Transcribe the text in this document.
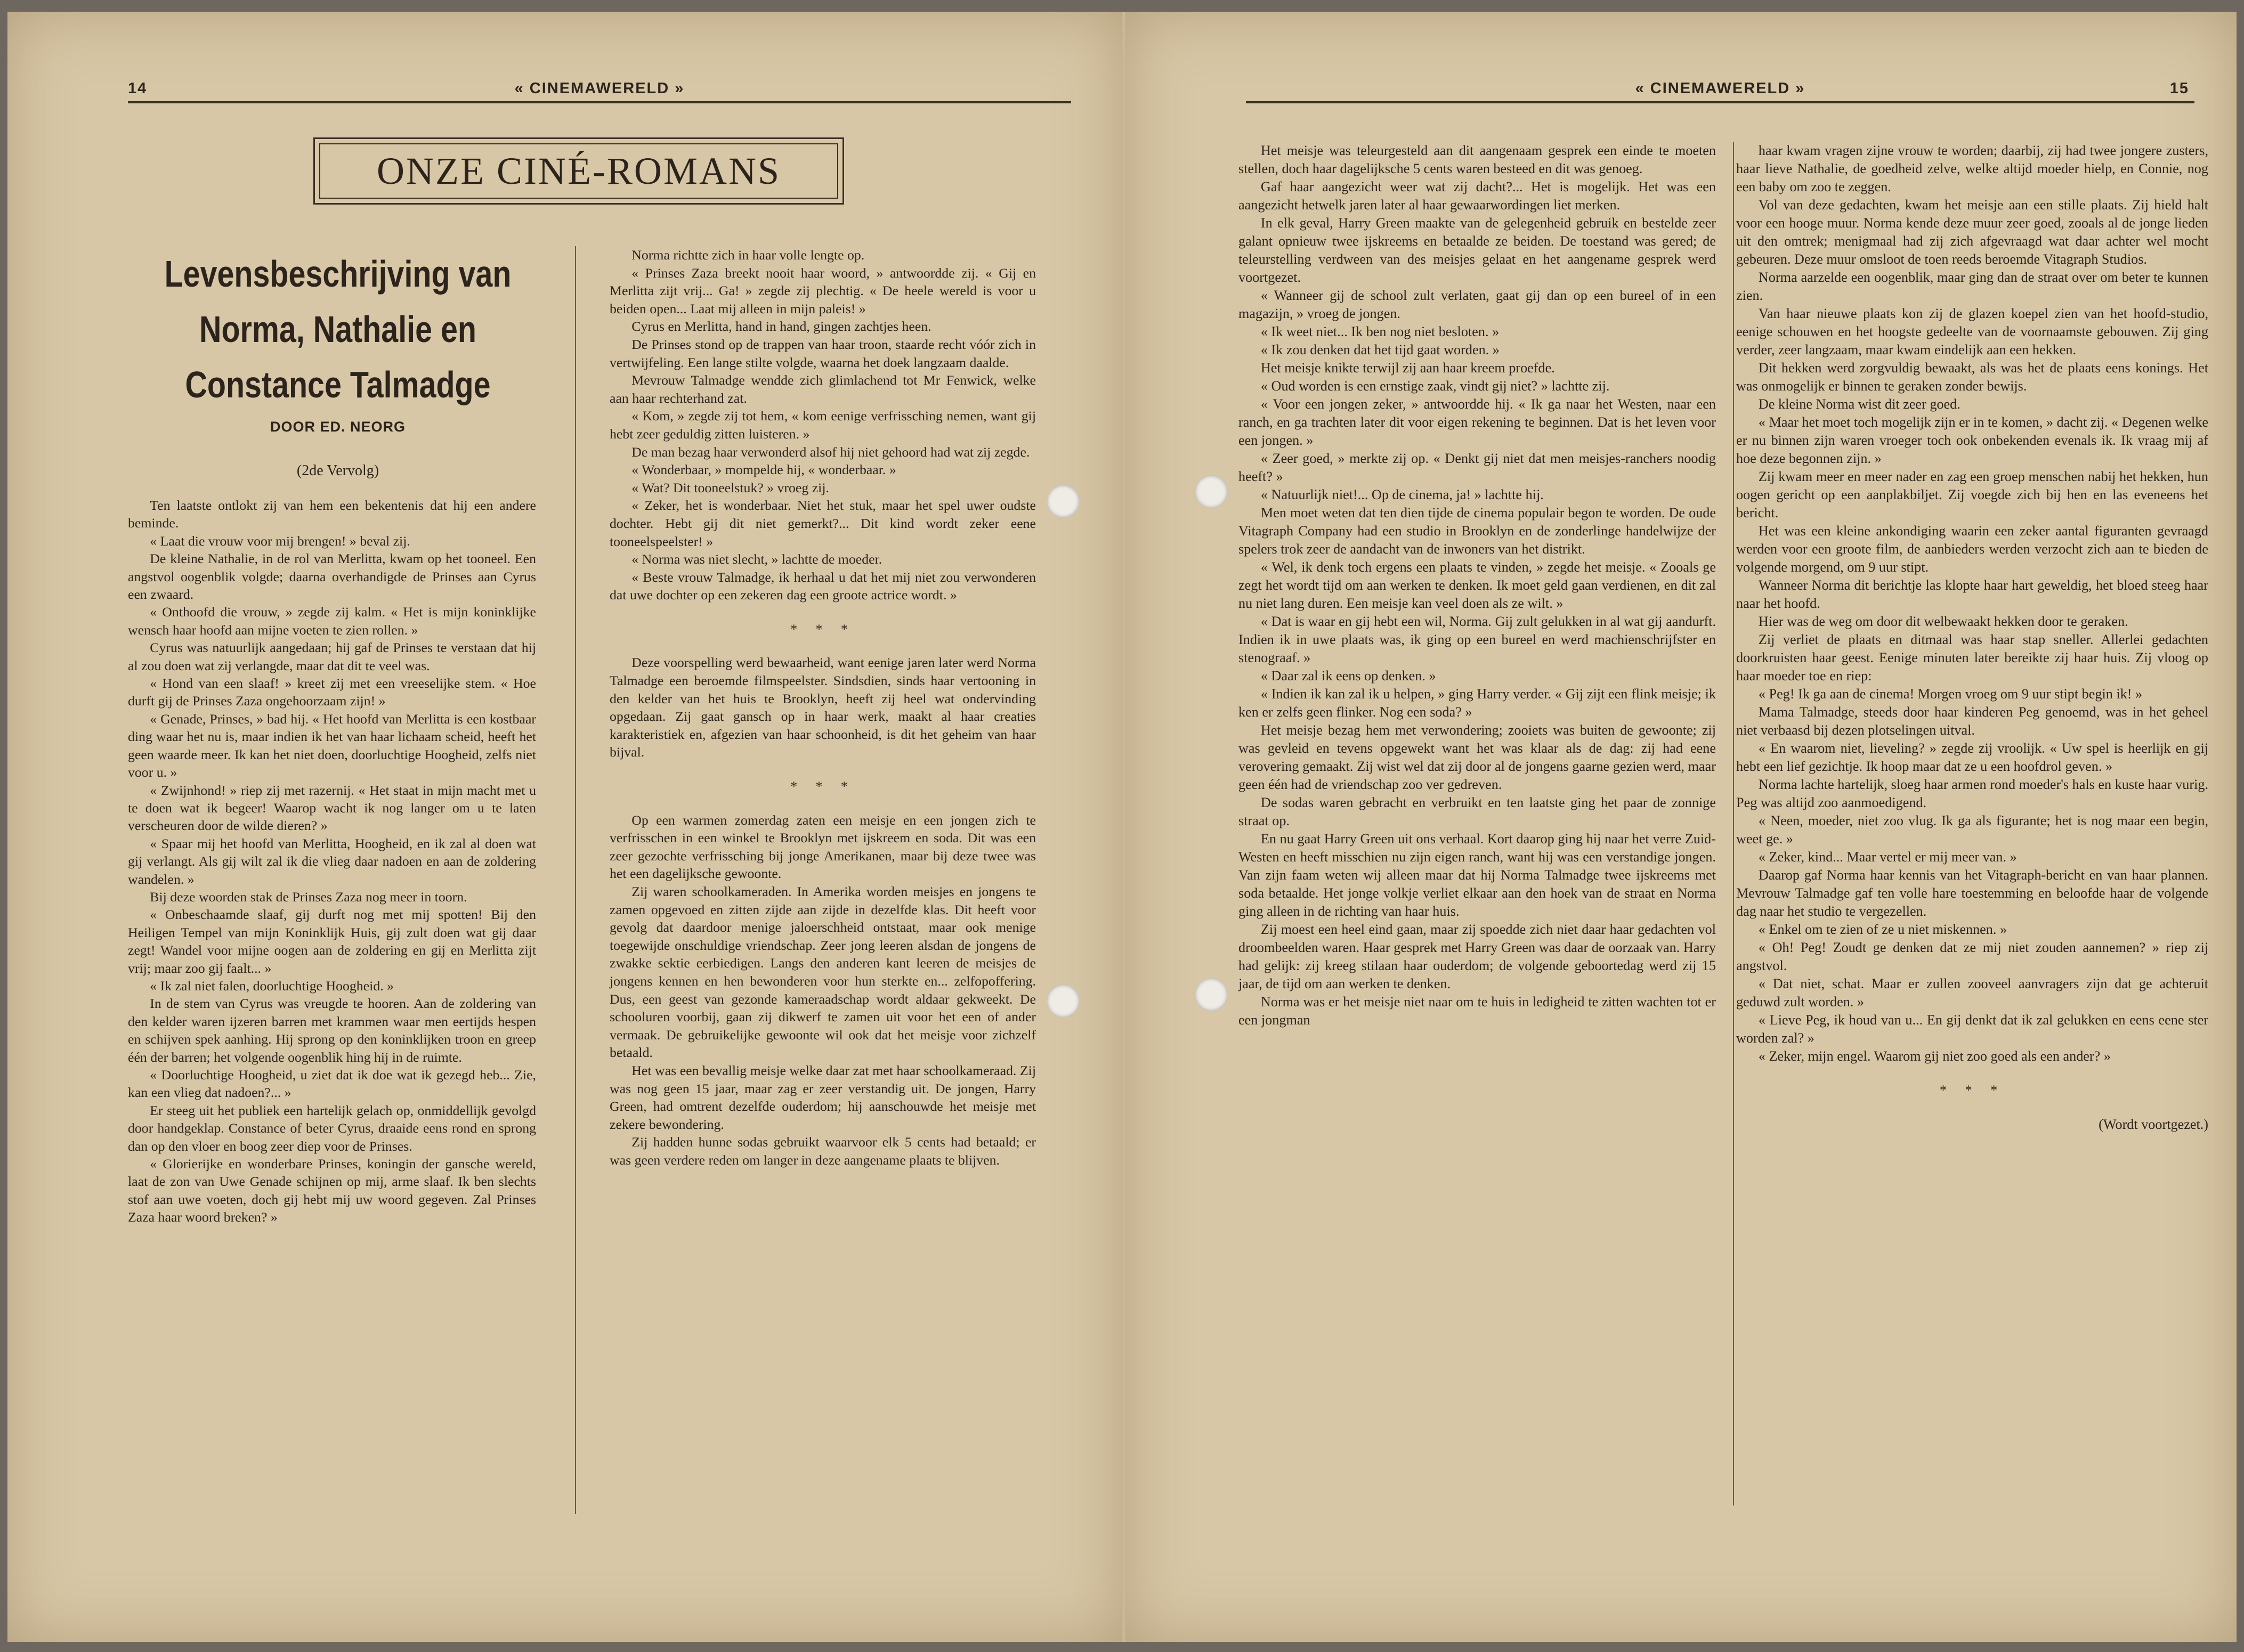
14	« CINEMAWERELD »
ONZE CINÉ-ROMANS
Levensbeschrijving van
Norma, Nathalie en
Constance Talmadge
DOOR ED. NEORG
(2de Vervolg)

Ten laatste ontlokt zij van hem een bekentenis dat hij een andere beminde.

« Laat die vrouw voor mij brengen! » beval zij.

De kleine Nathalie, in de rol van Merlitta, kwam op het tooneel. Een angstvol oogenblik volgde; daarna overhandigde de Prinses aan Cyrus een zwaard.

« Onthoofd die vrouw, » zegde zij kalm. « Het is mijn koninklijke wensch haar hoofd aan mijne voeten te zien rollen. »

Cyrus was natuurlijk aangedaan; hij gaf de Prinses te verstaan dat hij al zou doen wat zij verlangde, maar dat dit te veel was.

« Hond van een slaaf! » kreet zij met een vreeselijke stem. « Hoe durft gij de Prinses Zaza ongehoorzaam zijn! »

« Genade, Prinses, » bad hij. « Het hoofd van Merlitta is een kostbaar ding waar het nu is, maar indien ik het van haar lichaam scheid, heeft het geen waarde meer. Ik kan het niet doen, doorluchtige Hoogheid, zelfs niet voor u. »

« Zwijnhond! » riep zij met razernij. « Het staat in mijn macht met u te doen wat ik begeer! Waarop wacht ik nog langer om u te laten verscheuren door de wilde dieren? »

« Spaar mij het hoofd van Merlitta, Hoogheid, en ik zal al doen wat gij verlangt. Als gij wilt zal ik die vlieg daar nadoen en aan de zoldering wandelen. »

Bij deze woorden stak de Prinses Zaza nog meer in toorn.

« Onbeschaamde slaaf, gij durft nog met mij spotten! Bij den Heiligen Tempel van mijn Koninklijk Huis, gij zult doen wat gij daar zegt! Wandel voor mijne oogen aan de zoldering en gij en Merlitta zijt vrij; maar zoo gij faalt... »

« Ik zal niet falen, doorluchtige Hoogheid. »

In de stem van Cyrus was vreugde te hooren. Aan de zoldering van den kelder waren ijzeren barren met krammen waar men eertijds hespen en schijven spek aanhing. Hij sprong op den koninklijken troon en greep één der barren; het volgende oogenblik hing hij in de ruimte.

« Doorluchtige Hoogheid, u ziet dat ik doe wat ik gezegd heb... Zie, kan een vlieg dat nadoen?... »

Er steeg uit het publiek een hartelijk gelach op, onmiddellijk gevolgd door handgeklap. Constance of beter Cyrus, draaide eens rond en sprong dan op den vloer en boog zeer diep voor de Prinses.

« Glorierijke en wonderbare Prinses, koningin der gansche wereld, laat de zon van Uwe Genade schijnen op mij, arme slaaf. Ik ben slechts stof aan uwe voeten, doch gij hebt mij uw woord gegeven. Zal Prinses Zaza haar woord breken? »

Norma richtte zich in haar volle lengte op.

« Prinses Zaza breekt nooit haar woord, » antwoordde zij. « Gij en Merlitta zijt vrij... Ga! » zegde zij plechtig. « De heele wereld is voor u beiden open... Laat mij alleen in mijn paleis! »

Cyrus en Merlitta, hand in hand, gingen zachtjes heen.

De Prinses stond op de trappen van haar troon, staarde recht vóór zich in vertwijfeling. Een lange stilte volgde, waarna het doek langzaam daalde.

Mevrouw Talmadge wendde zich glimlachend tot Mr Fenwick, welke aan haar rechterhand zat.

« Kom, » zegde zij tot hem, « kom eenige verfrissching nemen, want gij hebt zeer geduldig zitten luisteren. »

De man bezag haar verwonderd alsof hij niet gehoord had wat zij zegde.

« Wonderbaar, » mompelde hij, « wonderbaar. »

« Wat? Dit tooneelstuk? » vroeg zij.

« Zeker, het is wonderbaar. Niet het stuk, maar het spel uwer oudste dochter. Hebt gij dit niet gemerkt?... Dit kind wordt zeker eene tooneelspeelster! »

« Norma was niet slecht, » lachtte de moeder.

« Beste vrouw Talmadge, ik herhaal u dat het mij niet zou verwonderen dat uwe dochter op een zekeren dag een groote actrice wordt. »

* * *

Deze voorspelling werd bewaarheid, want eenige jaren later werd Norma Talmadge een beroemde filmspeelster. Sindsdien, sinds haar vertooning in den kelder van het huis te Brooklyn, heeft zij heel wat ondervinding opgedaan. Zij gaat gansch op in haar werk, maakt al haar creaties karakteristiek en, afgezien van haar schoonheid, is dit het geheim van haar bijval.

* * *

Op een warmen zomerdag zaten een meisje en een jongen zich te verfrisschen in een winkel te Brooklyn met ijskreem en soda. Dit was een zeer gezochte verfrissching bij jonge Amerikanen, maar bij deze twee was het een dagelijksche gewoonte.

Zij waren schoolkameraden. In Amerika worden meisjes en jongens te zamen opgevoed en zitten zijde aan zijde in dezelfde klas. Dit heeft voor gevolg dat daardoor menige jaloerschheid ontstaat, maar ook menige toegewijde onschuldige vriendschap. Zeer jong leeren alsdan de jongens de zwakke sektie eerbiedigen. Langs den anderen kant leeren de meisjes de jongens kennen en hen bewonderen voor hun sterkte en... zelfopoffering. Dus, een geest van gezonde kameraadschap wordt aldaar gekweekt. De schooluren voorbij, gaan zij dikwerf te zamen uit voor het een of ander vermaak. De gebruikelijke gewoonte wil ook dat het meisje voor zichzelf betaald.

Het was een bevallig meisje welke daar zat met haar schoolkameraad. Zij was nog geen 15 jaar, maar zag er zeer verstandig uit. De jongen, Harry Green, had omtrent dezelfde ouderdom; hij aanschouwde het meisje met zekere bewondering.

Zij hadden hunne sodas gebruikt waarvoor elk 5 cents had betaald; er was geen verdere reden om langer in deze aangename plaats te blijven.

« CINEMAWERELD »	15

Het meisje was teleurgesteld aan dit aangenaam gesprek een einde te moeten stellen, doch haar dagelijksche 5 cents waren besteed en dit was genoeg.

Gaf haar aangezicht weer wat zij dacht?... Het is mogelijk. Het was een aangezicht hetwelk jaren later al haar gewaarwordingen liet merken.

In elk geval, Harry Green maakte van de gelegenheid gebruik en bestelde zeer galant opnieuw twee ijskreems en betaalde ze beiden. De toestand was gered; de teleurstelling verdween van des meisjes gelaat en het aangename gesprek werd voortgezet.

« Wanneer gij de school zult verlaten, gaat gij dan op een bureel of in een magazijn, » vroeg de jongen.

« Ik weet niet... Ik ben nog niet besloten. »

« Ik zou denken dat het tijd gaat worden. »

Het meisje knikte terwijl zij aan haar kreem proefde.

« Oud worden is een ernstige zaak, vindt gij niet? » lachtte zij.

« Voor een jongen zeker, » antwoordde hij. « Ik ga naar het Westen, naar een ranch, en ga trachten later dit voor eigen rekening te beginnen. Dat is het leven voor een jongen. »

« Zeer goed, » merkte zij op. « Denkt gij niet dat men meisjes-ranchers noodig heeft? »

« Natuurlijk niet!... Op de cinema, ja! » lachtte hij.

Men moet weten dat ten dien tijde de cinema populair begon te worden. De oude Vitagraph Company had een studio in Brooklyn en de zonderlinge handelwijze der spelers trok zeer de aandacht van de inwoners van het distrikt.

« Wel, ik denk toch ergens een plaats te vinden, » zegde het meisje. « Zooals ge zegt het wordt tijd om aan werken te denken. Ik moet geld gaan verdienen, en dit zal nu niet lang duren. Een meisje kan veel doen als ze wilt. »

« Dat is waar en gij hebt een wil, Norma. Gij zult gelukken in al wat gij aandurft. Indien ik in uwe plaats was, ik ging op een bureel en werd machienschrijfster en stenograaf. »

« Daar zal ik eens op denken. »

« Indien ik kan zal ik u helpen, » ging Harry verder. « Gij zijt een flink meisje; ik ken er zelfs geen flinker. Nog een soda? »

Het meisje bezag hem met verwondering; zooiets was buiten de gewoonte; zij was gevleid en tevens opgewekt want het was klaar als de dag: zij had eene verovering gemaakt. Zij wist wel dat zij door al de jongens gaarne gezien werd, maar geen één had de vriendschap zoo ver gedreven.

De sodas waren gebracht en verbruikt en ten laatste ging het paar de zonnige straat op.

En nu gaat Harry Green uit ons verhaal. Kort daarop ging hij naar het verre Zuid-Westen en heeft misschien nu zijn eigen ranch, want hij was een verstandige jongen. Van zijn faam weten wij alleen maar dat hij Norma Talmadge twee ijskreems met soda betaalde. Het jonge volkje verliet elkaar aan den hoek van de straat en Norma ging alleen in de richting van haar huis.

Zij moest een heel eind gaan, maar zij spoedde zich niet daar haar gedachten vol droombeelden waren. Haar gesprek met Harry Green was daar de oorzaak van. Harry had gelijk: zij kreeg stilaan haar ouderdom; de volgende geboortedag werd zij 15 jaar, de tijd om aan werken te denken.

Norma was er het meisje niet naar om te huis in ledigheid te zitten wachten tot er een jongman

haar kwam vragen zijne vrouw te worden; daarbij, zij had twee jongere zusters, haar lieve Nathalie, de goedheid zelve, welke altijd moeder hielp, en Connie, nog een baby om zoo te zeggen.

Vol van deze gedachten, kwam het meisje aan een stille plaats. Zij hield halt voor een hooge muur. Norma kende deze muur zeer goed, zooals al de jonge lieden uit den omtrek; menigmaal had zij zich afgevraagd wat daar achter wel mocht gebeuren. Deze muur omsloot de toen reeds beroemde Vitagraph Studios.

Norma aarzelde een oogenblik, maar ging dan de straat over om beter te kunnen zien.

Van haar nieuwe plaats kon zij de glazen koepel zien van het hoofd-studio, eenige schouwen en het hoogste gedeelte van de voornaamste gebouwen. Zij ging verder, zeer langzaam, maar kwam eindelijk aan een hekken.

Dit hekken werd zorgvuldig bewaakt, als was het de plaats eens konings. Het was onmogelijk er binnen te geraken zonder bewijs.

De kleine Norma wist dit zeer goed.

« Maar het moet toch mogelijk zijn er in te komen, » dacht zij. « Degenen welke er nu binnen zijn waren vroeger toch ook onbekenden evenals ik. Ik vraag mij af hoe deze begonnen zijn. »

Zij kwam meer en meer nader en zag een groep menschen nabij het hekken, hun oogen gericht op een aanplakbiljet. Zij voegde zich bij hen en las eveneens het bericht.

Het was een kleine ankondiging waarin een zeker aantal figuranten gevraagd werden voor een groote film, de aanbieders werden verzocht zich aan te bieden de volgende morgend, om 9 uur stipt.

Wanneer Norma dit berichtje las klopte haar hart geweldig, het bloed steeg haar naar het hoofd.

Hier was de weg om door dit welbewaakt hekken door te geraken.

Zij verliet de plaats en ditmaal was haar stap sneller. Allerlei gedachten doorkruisten haar geest. Eenige minuten later bereikte zij haar huis. Zij vloog op haar moeder toe en riep:

« Peg! Ik ga aan de cinema! Morgen vroeg om 9 uur stipt begin ik! »

Mama Talmadge, steeds door haar kinderen Peg genoemd, was in het geheel niet verbaasd bij dezen plotselingen uitval.

« En waarom niet, lieveling? » zegde zij vroolijk. « Uw spel is heerlijk en gij hebt een lief gezichtje. Ik hoop maar dat ze u een hoofdrol geven. »

Norma lachte hartelijk, sloeg haar armen rond moeder's hals en kuste haar vurig. Peg was altijd zoo aanmoedigend.

« Neen, moeder, niet zoo vlug. Ik ga als figurante; het is nog maar een begin, weet ge. »

« Zeker, kind... Maar vertel er mij meer van. »

Daarop gaf Norma haar kennis van het Vitagraph-bericht en van haar plannen. Mevrouw Talmadge gaf ten volle hare toestemming en beloofde haar de volgende dag naar het studio te vergezellen.

« Enkel om te zien of ze u niet miskennen. »

« Oh! Peg! Zoudt ge denken dat ze mij niet zouden aannemen? » riep zij angstvol.

« Dat niet, schat. Maar er zullen zooveel aanvragers zijn dat ge achteruit geduwd zult worden. »

« Lieve Peg, ik houd van u... En gij denkt dat ik zal gelukken en eens eene ster worden zal? »

« Zeker, mijn engel. Waarom gij niet zoo goed als een ander? »

* * *

(Wordt voortgezet.)
